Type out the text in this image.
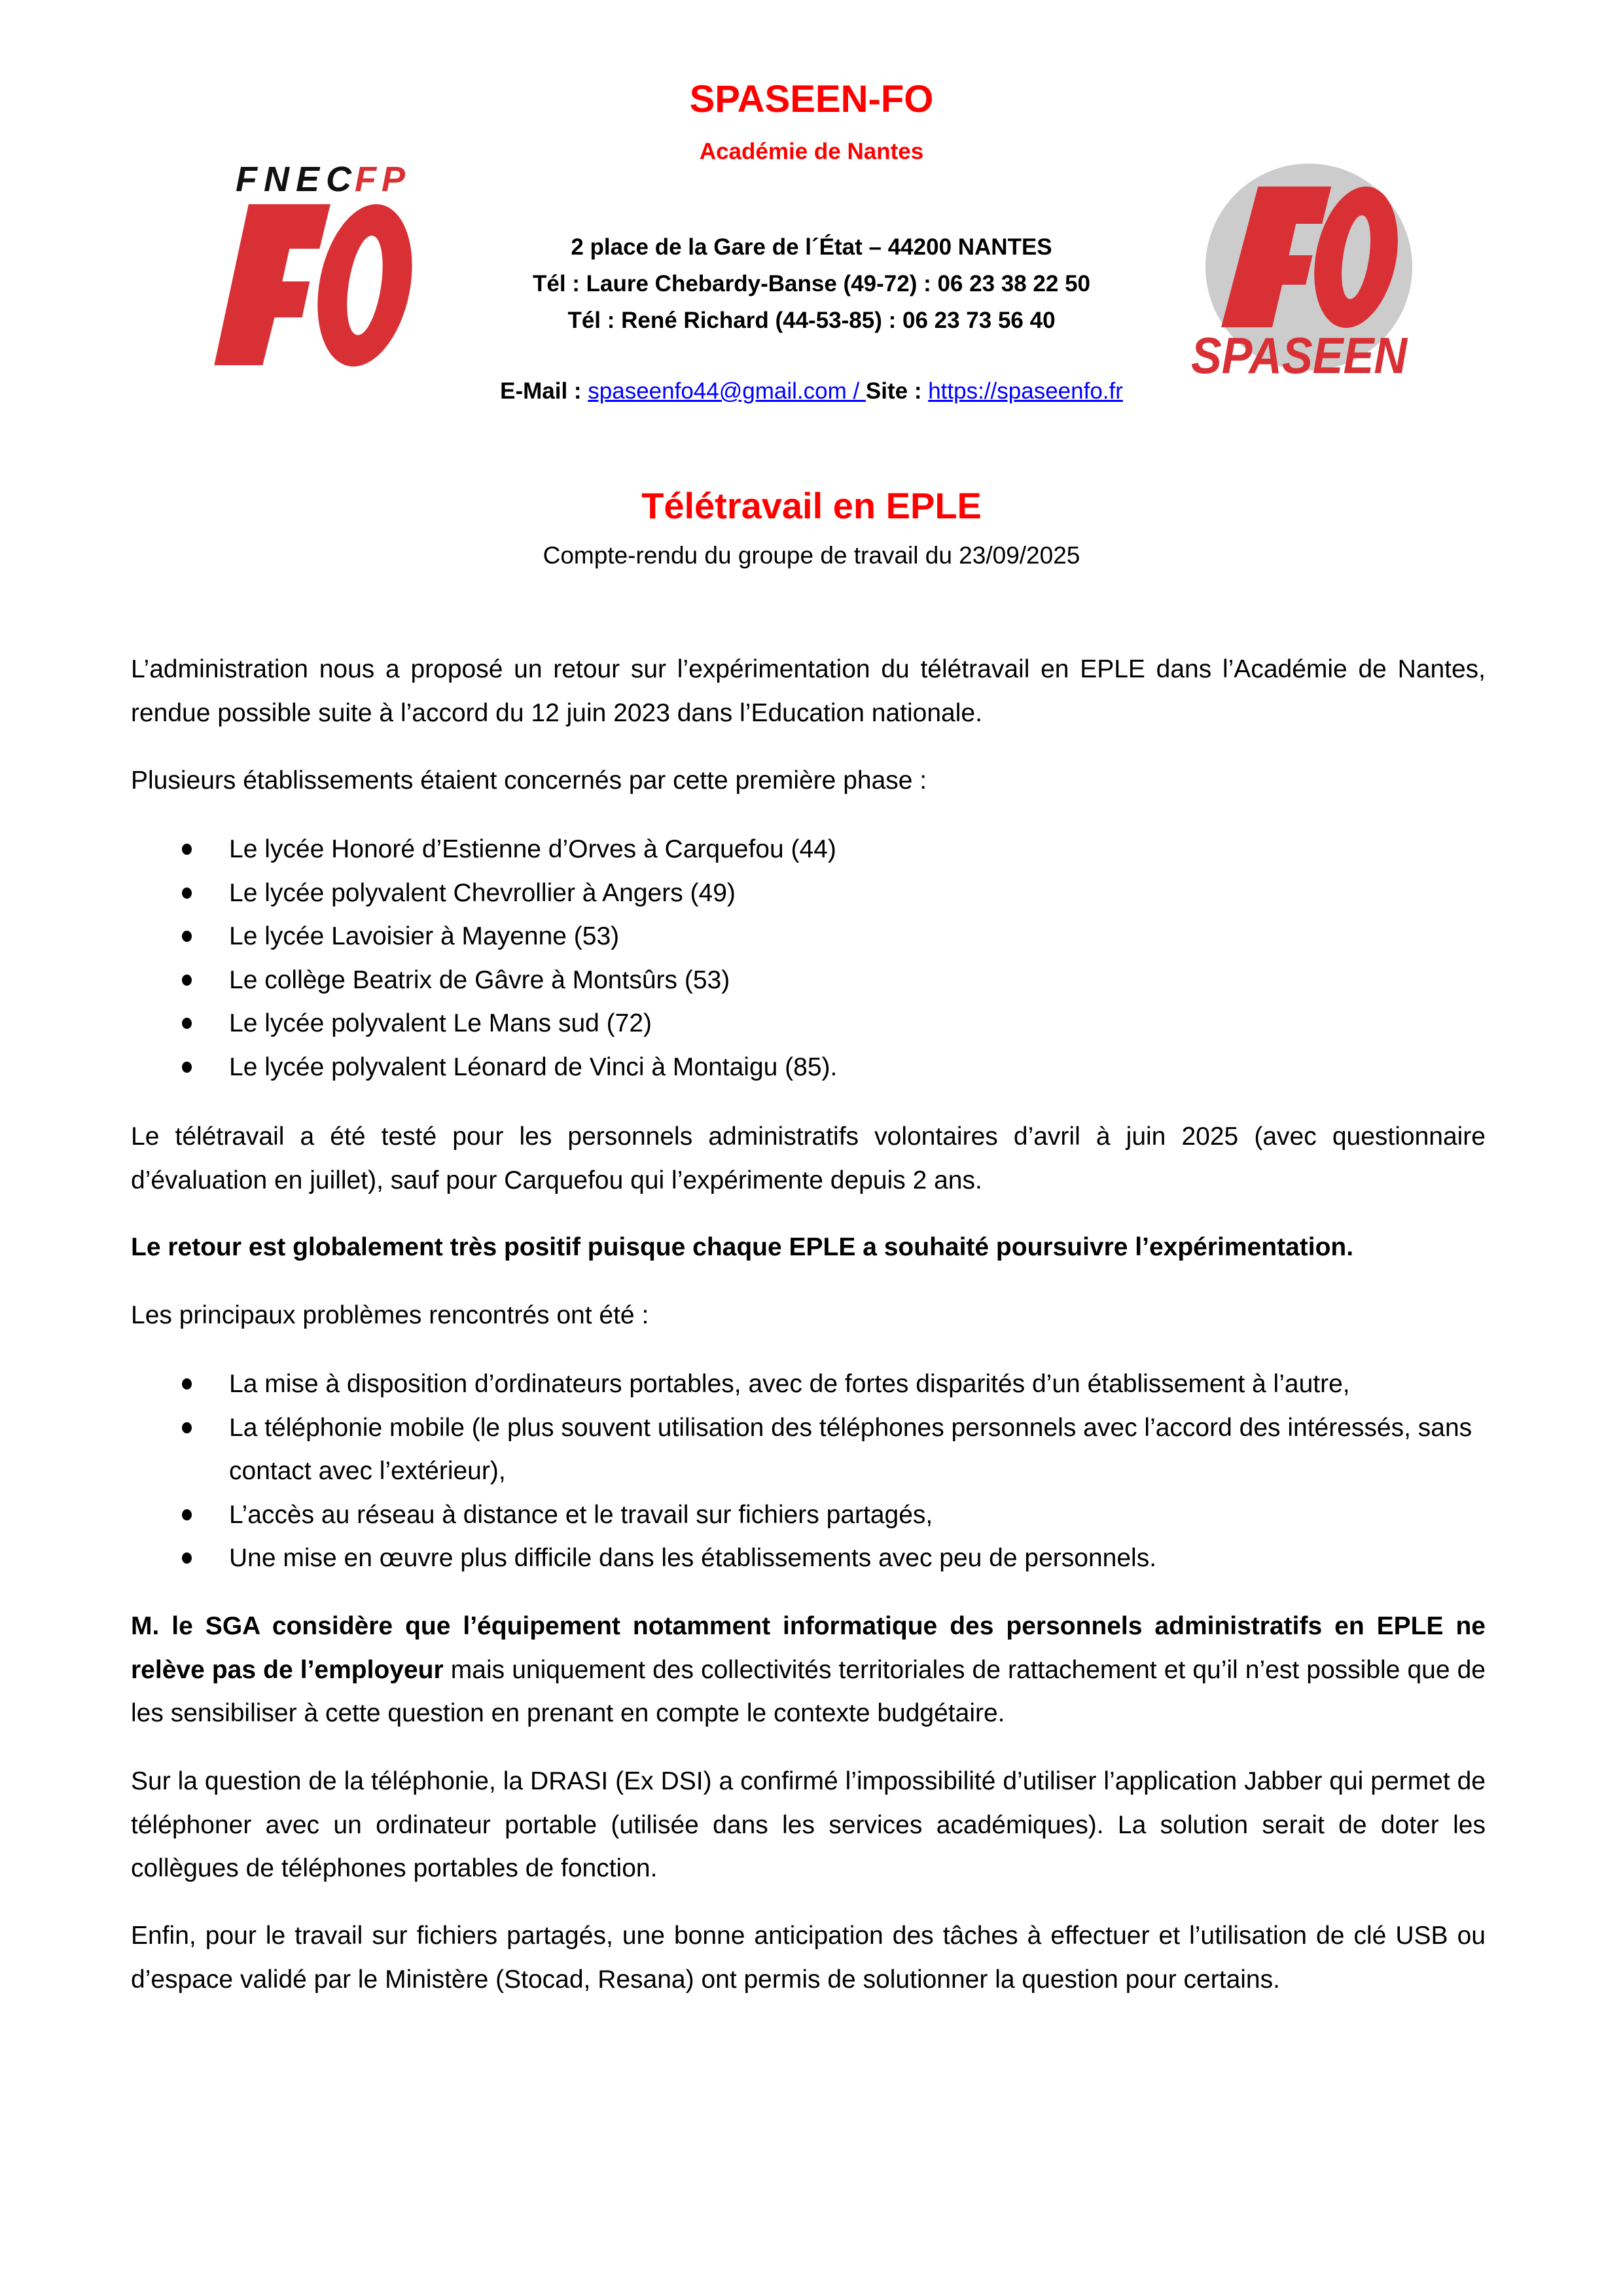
FNEC
FP
SPASEEN
SPASEEN-FO
Académie de Nantes
2 place de la Gare de l´État – 44200 NANTES
Tél : Laure Chebardy-Banse (49-72) : 06 23 38 22 50
Tél : René Richard (44-53-85) : 06 23 73 56 40
E-Mail : spaseenfo44@gmail.com / Site : https://spaseenfo.fr
Télétravail en EPLE
Compte-rendu du groupe de travail du 23/09/2025
L’administration nous a proposé un retour sur l’expérimentation du télétravail en EPLE dans l’Académie de Nantes, rendue possible suite à l’accord du 12 juin 2023 dans l’Education nationale.
Plusieurs établissements étaient concernés par cette première phase :
Le lycée Honoré d’Estienne d’Orves à Carquefou (44)
Le lycée polyvalent Chevrollier à Angers (49)
Le lycée Lavoisier à Mayenne (53)
Le collège Beatrix de Gâvre à Montsûrs (53)
Le lycée polyvalent Le Mans sud (72)
Le lycée polyvalent Léonard de Vinci à Montaigu (85).
Le télétravail a été testé pour les personnels administratifs volontaires d’avril à juin 2025 (avec questionnaire d’évaluation en juillet), sauf pour Carquefou qui l’expérimente depuis 2 ans.
Le retour est globalement très positif puisque chaque EPLE a souhaité poursuivre l’expérimentation.
Les principaux problèmes rencontrés ont été :
La mise à disposition d’ordinateurs portables, avec de fortes disparités d’un établissement à l’autre,
La téléphonie mobile (le plus souvent utilisation des téléphones personnels avec l’accord des intéressés, sans contact avec l’extérieur),
L’accès au réseau à distance et le travail sur fichiers partagés,
Une mise en œuvre plus difficile dans les établissements avec peu de personnels.

M. le SGA considère que l’équipement notamment informatique des personnels administratifs en EPLE ne relève pas de l’employeur mais uniquement des collectivités territoriales de rattachement et qu’il n’est possible que de les sensibiliser à cette question en prenant en compte le contexte budgétaire.

Sur la question de la téléphonie, la DRASI (Ex DSI) a confirmé l’impossibilité d’utiliser l’application Jabber qui permet de téléphoner avec un ordinateur portable (utilisée dans les services académiques). La solution serait de doter les collègues de téléphones portables de fonction.
Enfin, pour le travail sur fichiers partagés, une bonne anticipation des tâches à effectuer et l’utilisation de clé USB ou d’espace validé par le Ministère (Stocad, Resana) ont permis de solutionner la question pour certains.
